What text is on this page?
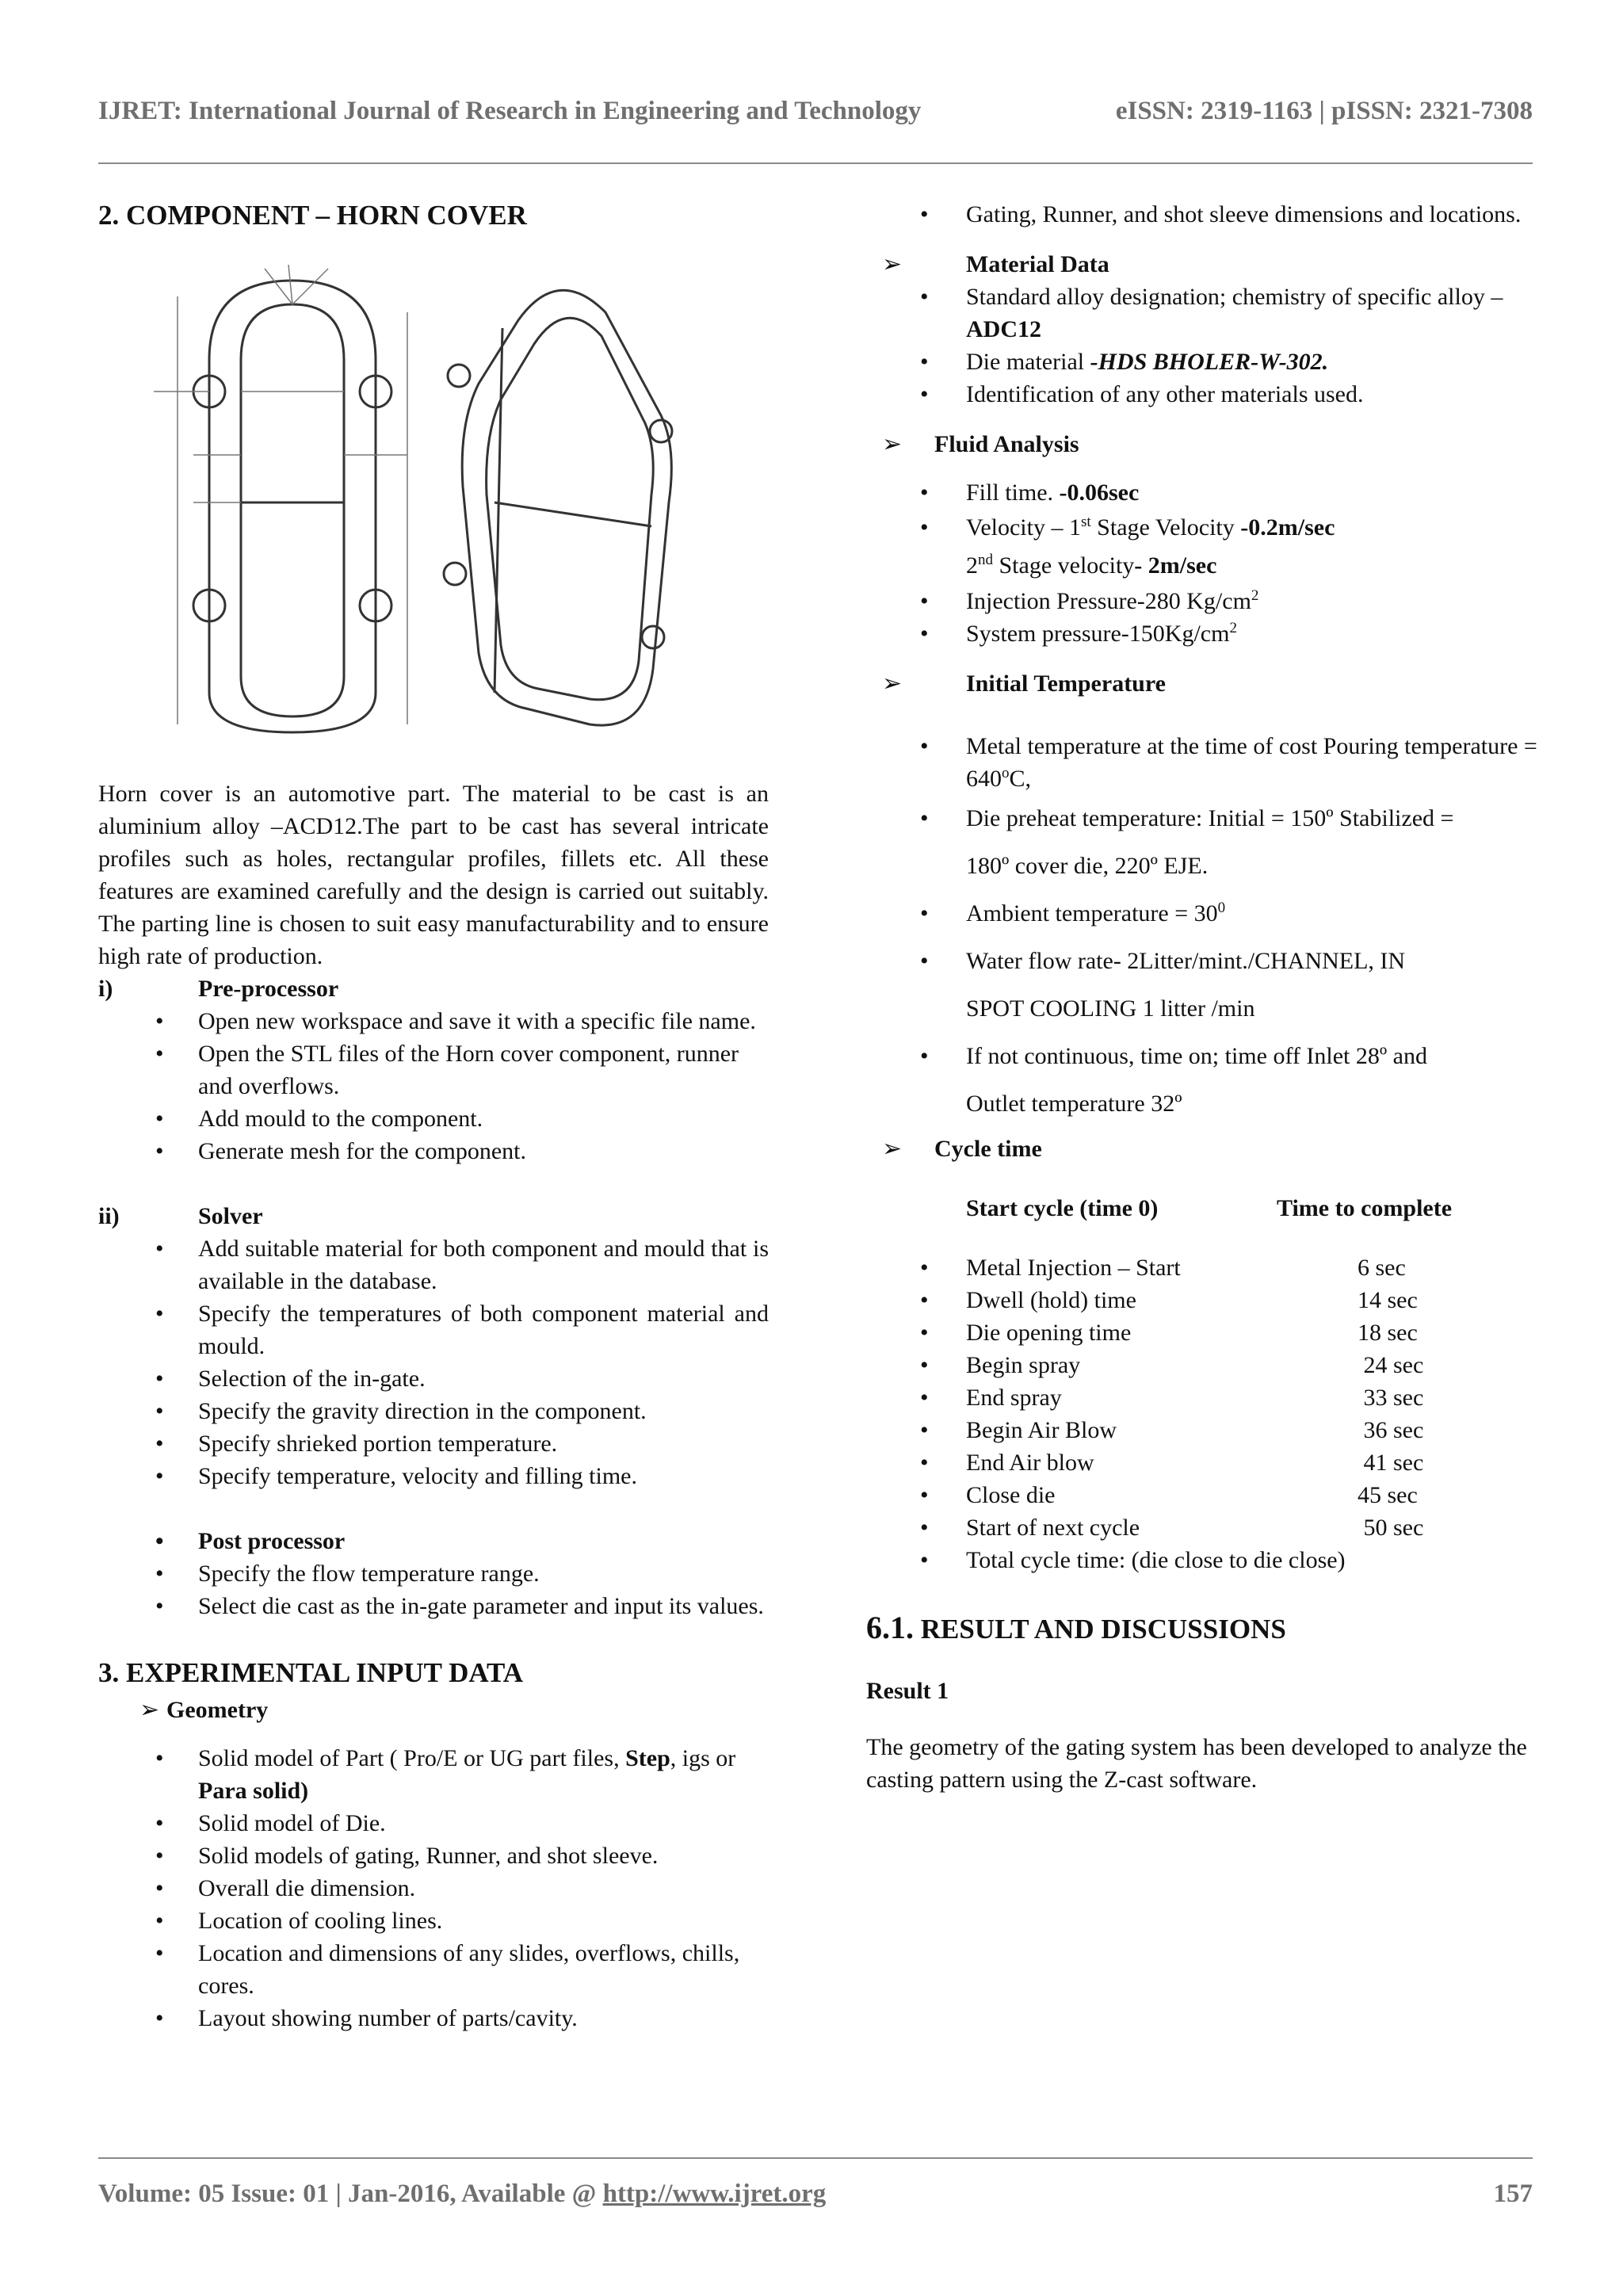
IJRET: International Journal of Research in Engineering and Technology	eISSN: 2319-1163 | pISSN: 2321-7308
2. COMPONENT – HORN COVER

Horn cover is an automotive part. The material to be cast is an aluminium alloy –ACD12.The part to be cast has several intricate profiles such as holes, rectangular profiles, fillets etc. All these features are examined carefully and the design is carried out suitably. The parting line is chosen to suit easy manufacturability and to ensure high rate of production.

i)	Pre-processor
• Open new workspace and save it with a specific file name.
• Open the STL files of the Horn cover component, runner and overflows.
• Add mould to the component.
• Generate mesh for the component.
ii)	Solver
• Add suitable material for both component and mould that is available in the database.
• Specify the temperatures of both component material and mould.
• Selection of the in-gate.
• Specify the gravity direction in the component.
• Specify shrieked portion temperature.
• Specify temperature, velocity and filling time.
• Post processor
• Specify the flow temperature range.
• Select die cast as the in-gate parameter and input its values.
3. EXPERIMENTAL INPUT DATA
➢ Geometry
• Solid model of Part ( Pro/E or UG part files, Step, igs or Para solid)
• Solid model of Die.
• Solid models of gating, Runner, and shot sleeve.
• Overall die dimension.
• Location of cooling lines.
• Location and dimensions of any slides, overflows, chills, cores.
• Layout showing number of parts/cavity.
• Gating, Runner, and shot sleeve dimensions and locations.
➢	Material Data
• Standard alloy designation; chemistry of specific alloy – ADC12
• Die material -HDS BHOLER-W-302.
• Identification of any other materials used.
➢ Fluid Analysis
• Fill time. -0.06sec
• Velocity – 1st Stage Velocity -0.2m/sec
2nd Stage velocity- 2m/sec
• Injection Pressure-280 $Kg/cm^2$
• System pressure-$150Kg/cm^2$
➢	Initial Temperature
• Metal temperature at the time of cost Pouring temperature = $640^oC$,
• Die preheat temperature: Initial = 150º Stabilized =
180º cover die, 220º EJE.
• Ambient temperature = $30^0$
• Water flow rate- 2Litter/mint./CHANNEL, IN
SPOT COOLING 1 litter /min
• If not continuous, time on; time off Inlet 28º and
Outlet temperature 32º
➢ Cycle time
Start cycle (time 0)	Time to complete
• Metal Injection – Start	6 sec
• Dwell (hold) time	14 sec
• Die opening time	18 sec
• Begin spray	24 sec
• End spray	33 sec
• Begin Air Blow	36 sec
• End Air blow	41 sec
• Close die	45 sec
• Start of next cycle	50 sec
• Total cycle time: (die close to die close)
6.1. RESULT AND DISCUSSIONS

Result 1

The geometry of the gating system has been developed to analyze the casting pattern using the Z-cast software.

Volume: 05 Issue: 01 | Jan-2016, Available @ http://www.ijret.org	157
